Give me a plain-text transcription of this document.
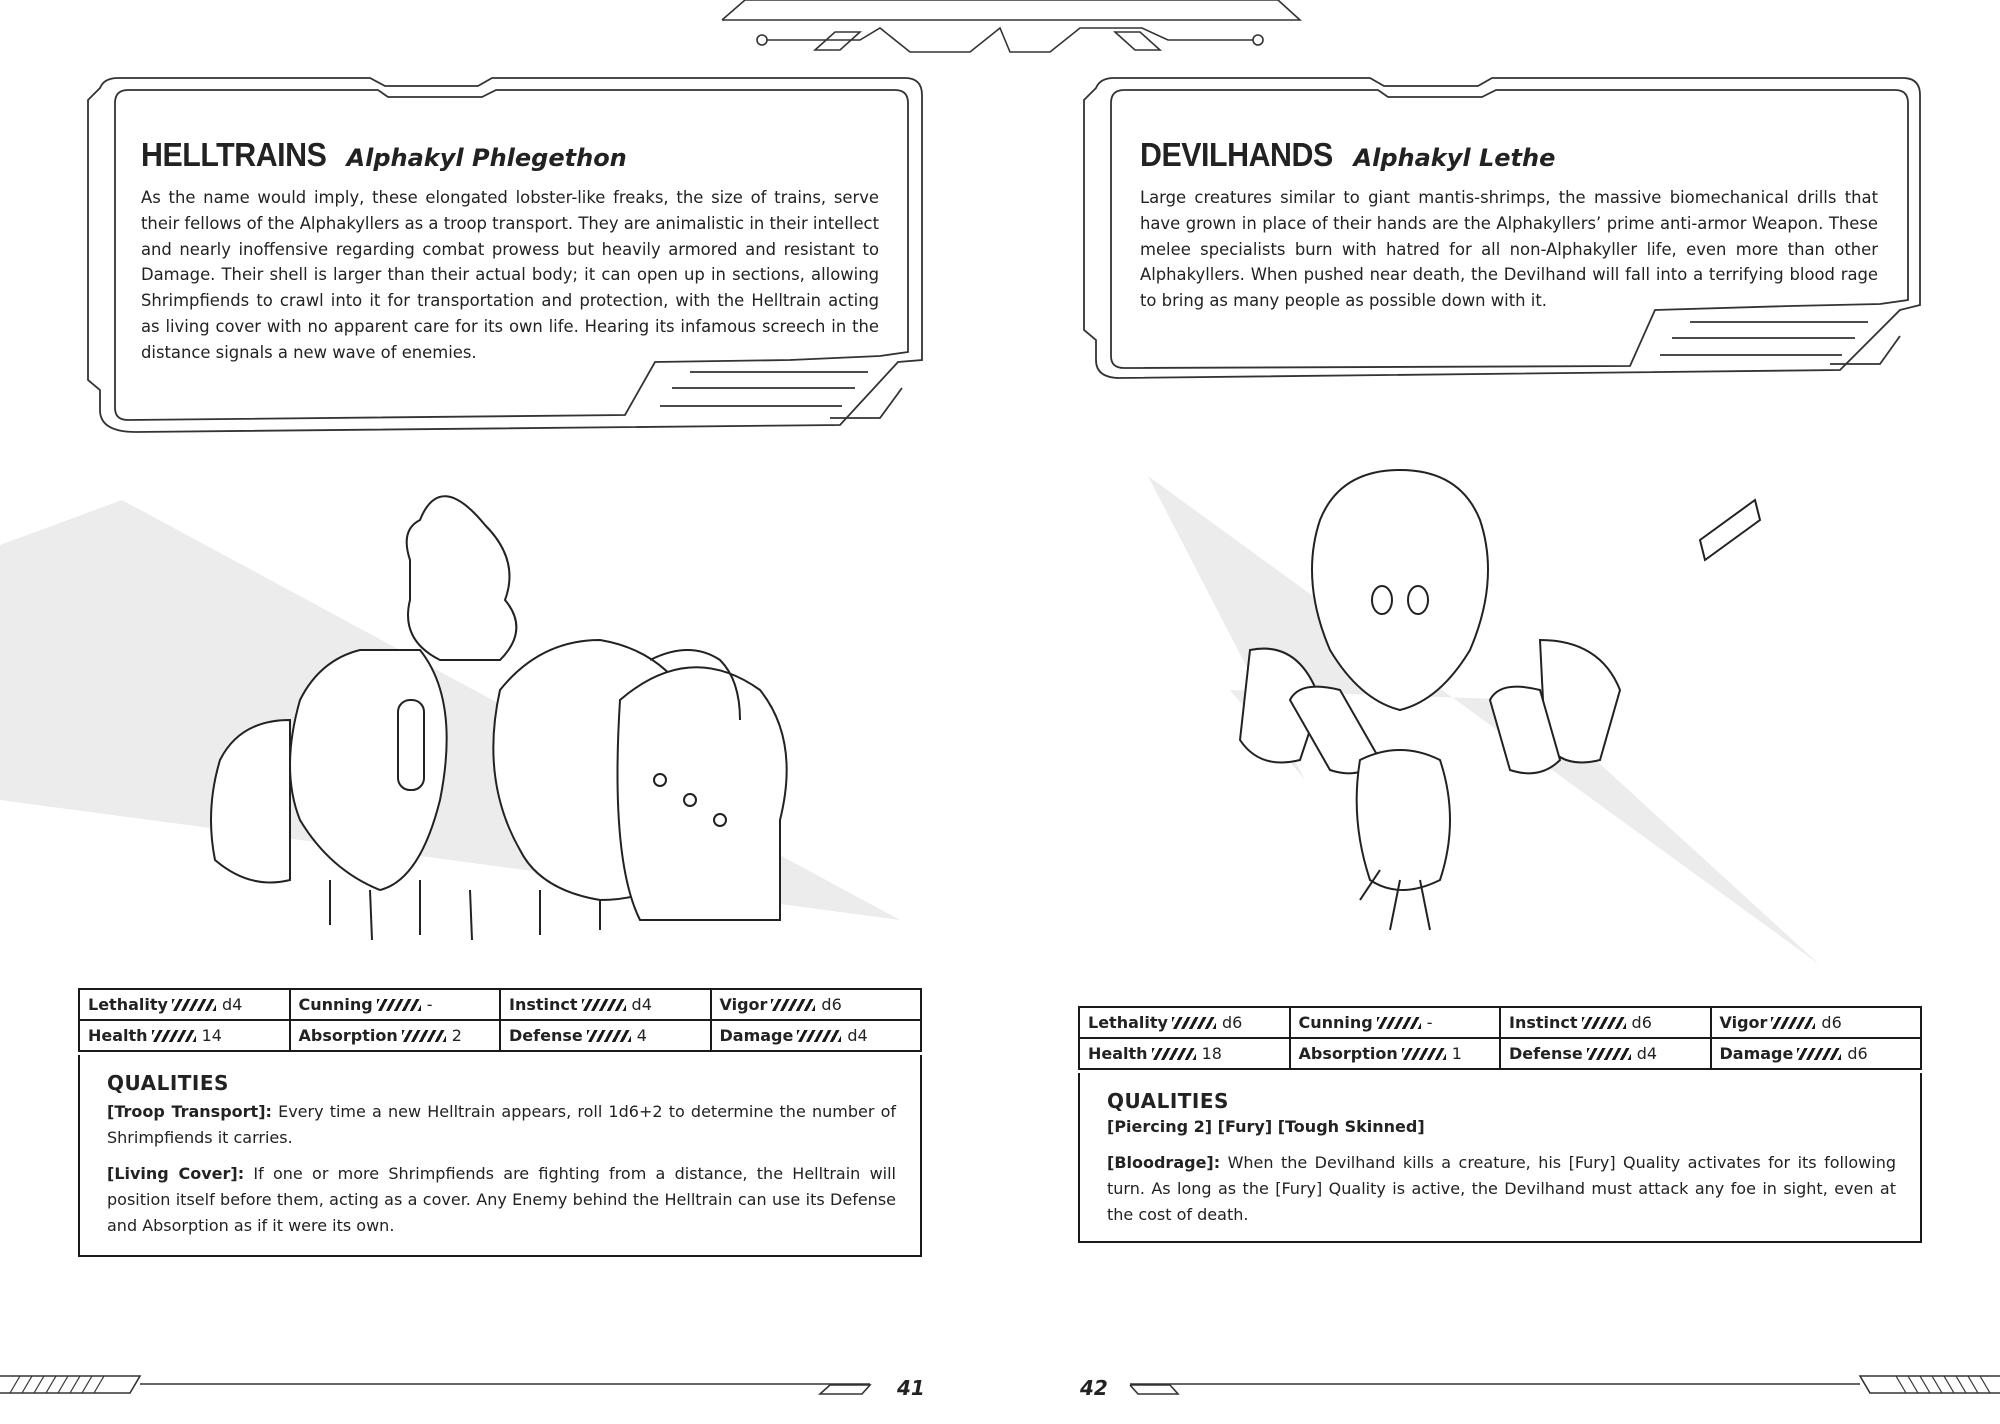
HELLTRAINS Alphakyl Phlegethon
As the name would imply, these elongated lobster-like freaks, the size of trains, serve their fellows of the Alphakyllers as a troop transport. They are animalistic in their intellect and nearly inoffensive regarding combat prowess but heavily armored and resistant to Damage. Their shell is larger than their actual body; it can open up in sections, allowing Shrimpfiends to crawl into it for transportation and protection, with the Helltrain acting as living cover with no apparent care for its own life. Hearing its infamous screech in the distance signals a new wave of enemies.
Lethality d4	Cunning -	Instinct d4	Vigor d6
Health 14	Absorption 2	Defense 4	Damage d4
QUALITIES

[Troop Transport]: Every time a new Helltrain appears, roll 1d6+2 to determine the number of Shrimpfiends it carries.

[Living Cover]: If one or more Shrimpfiends are fighting from a distance, the Helltrain will position itself before them, acting as a cover. Any Enemy behind the Helltrain can use its Defense and Absorption as if it were its own.

41
DEVILHANDS Alphakyl Lethe
Large creatures similar to giant mantis-shrimps, the massive biomechanical drills that have grown in place of their hands are the Alphakyllers’ prime anti-armor Weapon. These melee specialists burn with hatred for all non-Alphakyller life, even more than other Alphakyllers. When pushed near death, the Devilhand will fall into a terrifying blood rage to bring as many people as possible down with it.
Lethality d6	Cunning -	Instinct d6	Vigor d6
Health 18	Absorption 1	Defense d4	Damage d6
QUALITIES
[Piercing 2] [Fury] [Tough Skinned]

[Bloodrage]: When the Devilhand kills a creature, his [Fury] Quality activates for its following turn. As long as the [Fury] Quality is active, the Devilhand must attack any foe in sight, even at the cost of death.

42
